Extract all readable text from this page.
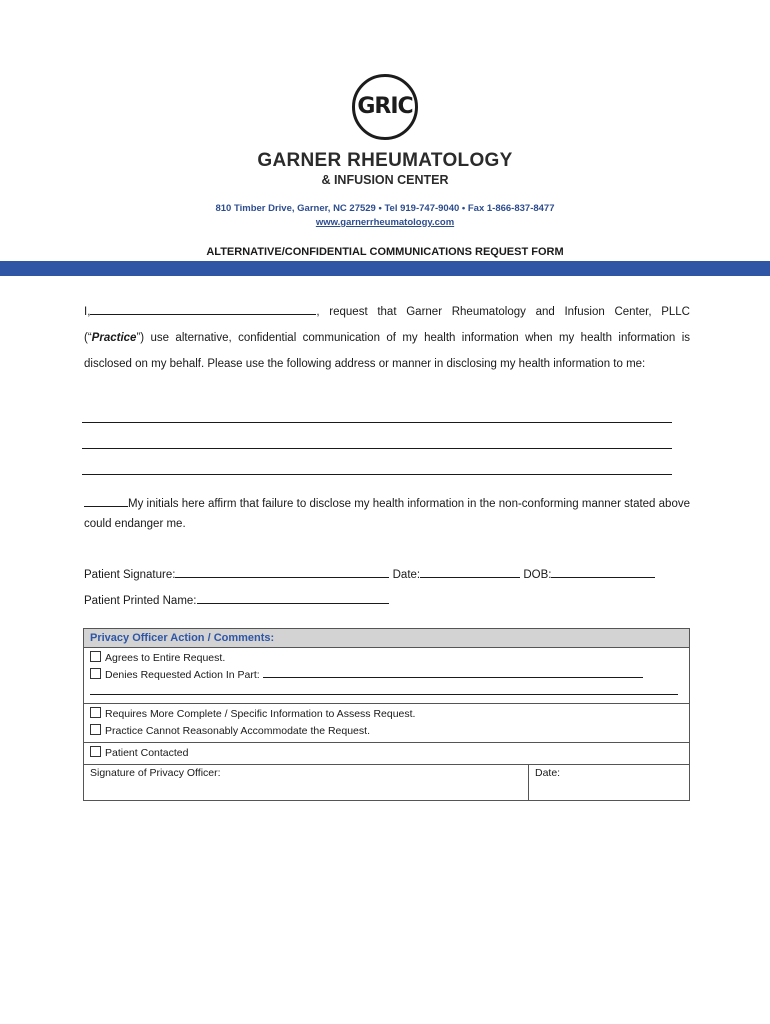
GRIC
GARNER RHEUMATOLOGY
& INFUSION CENTER
810 Timber Drive, Garner, NC 27529 • Tel 919-747-9040 • Fax 1-866-837-8477
www.garnerrheumatology.com
ALTERNATIVE/CONFIDENTIAL COMMUNICATIONS REQUEST FORM
I,	, request that Garner Rheumatology and Infusion Center, PLLC (“Practice”) use alternative, confidential communication of my health information when my health information is disclosed on my behalf. Please use the following address or manner in disclosing my health information to me:
My initials here affirm that failure to disclose my health information in the non-conforming manner stated above could endanger me.
Patient Signature:	Date:	DOB:
Patient Printed Name:
Privacy Officer Action / Comments:

Agrees to Entire Request.
Denies Requested Action In Part:

Requires More Complete / Specific Information to Assess Request.
Practice Cannot Reasonably Accommodate the Request.

Patient Contacted

Signature of Privacy Officer:	Date:
